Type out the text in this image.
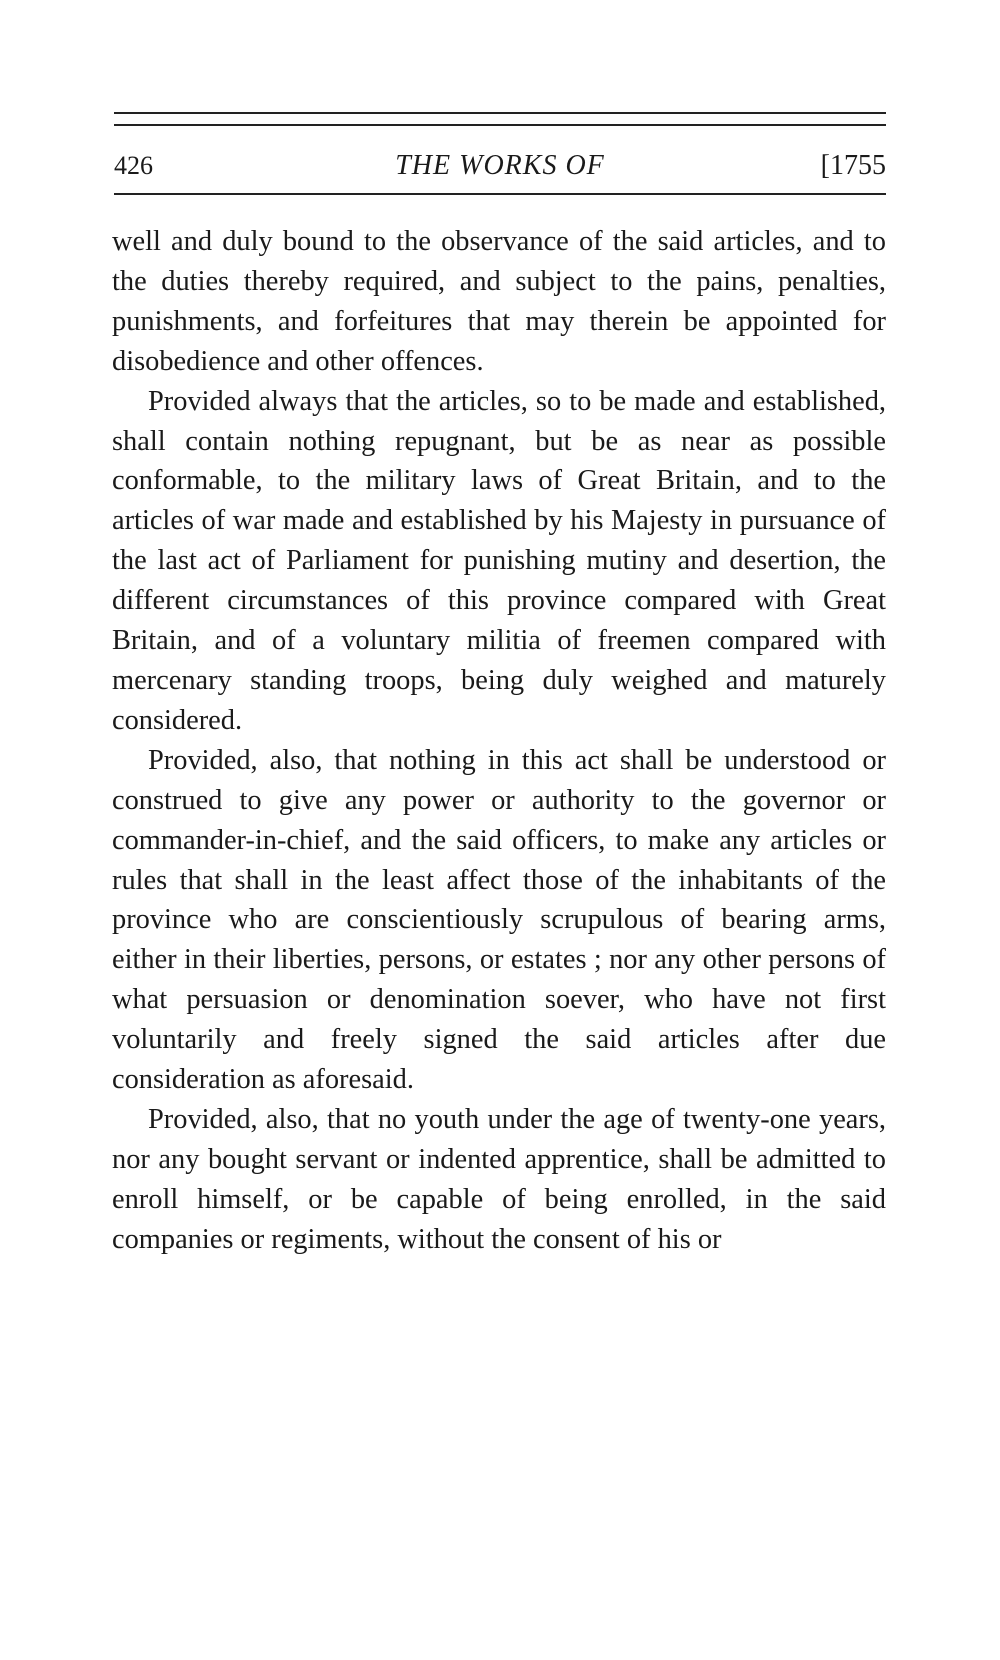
426	THE WORKS OF	[1755

well and duly bound to the observance of the said articles, and to the duties thereby required, and subject to the pains, penalties, punishments, and forfeitures that may therein be appointed for disobedience and other offences.

Provided always that the articles, so to be made and established, shall contain nothing repugnant, but be as near as possible conformable, to the military laws of Great Britain, and to the articles of war made and established by his Majesty in pursuance of the last act of Parliament for punishing mutiny and desertion, the different circumstances of this province compared with Great Britain, and of a voluntary militia of freemen compared with mercenary standing troops, being duly weighed and maturely considered.

Provided, also, that nothing in this act shall be understood or construed to give any power or authority to the governor or commander-in-chief, and the said officers, to make any articles or rules that shall in the least affect those of the inhabitants of the province who are conscientiously scrupulous of bearing arms, either in their liberties, persons, or estates ; nor any other persons of what persuasion or denomination soever, who have not first voluntarily and freely signed the said articles after due consideration as aforesaid.

Provided, also, that no youth under the age of twenty-one years, nor any bought servant or indented apprentice, shall be admitted to enroll himself, or be capable of being enrolled, in the said companies or regiments, without the consent of his or
